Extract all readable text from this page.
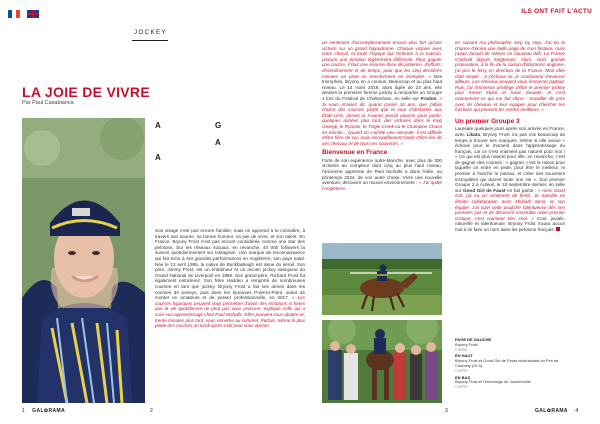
ILS ONT FAIT L'ACTU
JOCKEY
LA JOIE DE VIVRE
Par Paul Casabianca
A	G
A
A

Son visage n'est pas encore familier, mais on apprend à la connaître, à travers son sourire, sa bonne humeur, sa joie de vivre, et son talent. En France, Bryony Frost n'est pas encore considérée comme une star des pelotons. Sur les réseaux sociaux, en revanche, 40 000 followers la suivent quotidiennement sur Instagram. Une marque de reconnaissance qui fait écho à ses grandes performances en Angleterre, son pays natal. Née le 13 avril 1995, la native de Buckfastleigh est issue du sérail. Son père, Jimmy Frost, est un entraîneur et un ancien jockey vainqueur du Grand National de Liverpool en 1989. Son grand-père, Richard Frost fut également entraîneur. Son frère Hadden a remporté de nombreuses courses en tant que jockey. Bryony Frost a fait ses armes dans les courses de poneys, puis dans les épreuves Point-to-Point, avant de monter en amateurs et de passer professionnelle, en 2017. « Les courses hippiques peuvent vous permettre d'avoir des émotions si fortes que la vie quotidienne ne peut pas vous procurer, explique celle qui a suivi son apprentissage chez Paul Nicholls. Elles peuvent vous abattre et, trente minutes plus tard, vous remettre au sommet. Parfois, même la plus petite des courses un lundi après-midi peut vous donner

un sentiment d'accomplissement encore plus fort qu'une victoire sur un grand hippodrome. Chaque victoire avec votre cheval, et toute l'équipe qui l'entoure à la maison, procure une émotion légèrement différente. Pour gagner une course, il faut une énorme dose de patience, d'efforts, d'entraînement et de temps, pour que les cinq dernières minutes en piste se transforment en triomphe. » Des triomphes, Bryony en a connus. Beaucoup et au plus haut niveau. Le 14 mars 2019, alors âgée de 23 ans, elle devient la première femme jockey à remporter un Groupe 1 lors du Festival de Cheltenham, en selle sur Frodon. « Si vous m'aviez dit, quand j'avais 16 ans, que j'allais choisir des courses plutôt que le saut d'obstacles aux États-Unis, jamais je n'aurais pensé pouvoir vous parler, quelques années plus tard, des victoires dans le King George, le Ryanair, le Tingle Creek ou le Champion Chase en Irlande... Quand on s'arrête une seconde, il est difficile d'être fière de soi, mais incroyablement facile d'être fier de ses chevaux et de tous ses souvenirs. »

Bienvenue en France

Forte de son expérience outre-Manche, avec plus de 300 victoires au compteur dont cinq au plus haut niveau, l'ancienne apprentie de Paul Nicholls a dans l'idée, au printemps 2024, de voir autre chose. Vivre une nouvelle aventure, découvrir un nouvel environnement : « J'ai quitté l'Angleterre

en suivant ma philosophie step by step. J'ai eu la chance d'écrire une belle page de mon histoire, mais j'avais besoin de relever un nouveau défi. La France m'attirait depuis longtemps. Alors, sans grande préparation, à la fin de la saison d'obstacles anglaise, j'ai pris le ferry en direction de la France. Mon idée était simple : si j'échoue ici, je continuerai d'avancer ailleurs. Les chevaux peuvent vous emmener partout. Puis, j'ai l'immense privilège d'être le premier jockey pour Simon Munir et Isaac Souede, et c'est exactement ce qui me fait vibrer : travailler de près avec de chevaux et leur équipes pour chercher les fractions qui peuvent les rendre meilleurs. »

Un premier Groupe 3

Lauréate quelques jours après son arrivée en France, avec Likata, Bryony Frost n'a pas mis beaucoup de temps à trouver ses marques, même si elle avoue « échoué pour le moment dans l'apprentissage du français, car ce n'est vraiment pas naturel pour moi ! » Ce qui est plus naturel pour elle, en revanche, c'est de gagner des courses : « gagner, c'est la raison pour laquelle on entre en piste, pour être le meilleur, le premier à franchir le poteau, et créer des souvenirs incroyables qui durent toute une vie ». Son premier Groupe 3 à Auteuil, le 18 septembre dernier, en selle sur Good Girl de Faust en fait partie : « Avec Good Girl, j'ai eu un sentiment de fierté. Je travaille en étroite collaboration avec Mickaël Seror et son équipe. J'ai suivi cette pouliche talentueuse dès ses premiers pas et de découvrir ensemble notre premier Groupe, c'est vraiment très cool. » Cool, jovialе, naturelle et talentueuse, Bryony Frost n'aura aucun mal à se faire un nom dans les pelotons français.

PAGE DE GAUCHE
Bryony Frost
© APRH
EN HAUT
Bryony Frost et Good Girl de Faust victorieuses du Prix de Chambly (Gr.3)
© APRH
EN BAS
Bryony Frost et l'entourage de Jouvencelle
© APRH
1 GAL✿RAMA	2	3	GAL✿RAMA 4
